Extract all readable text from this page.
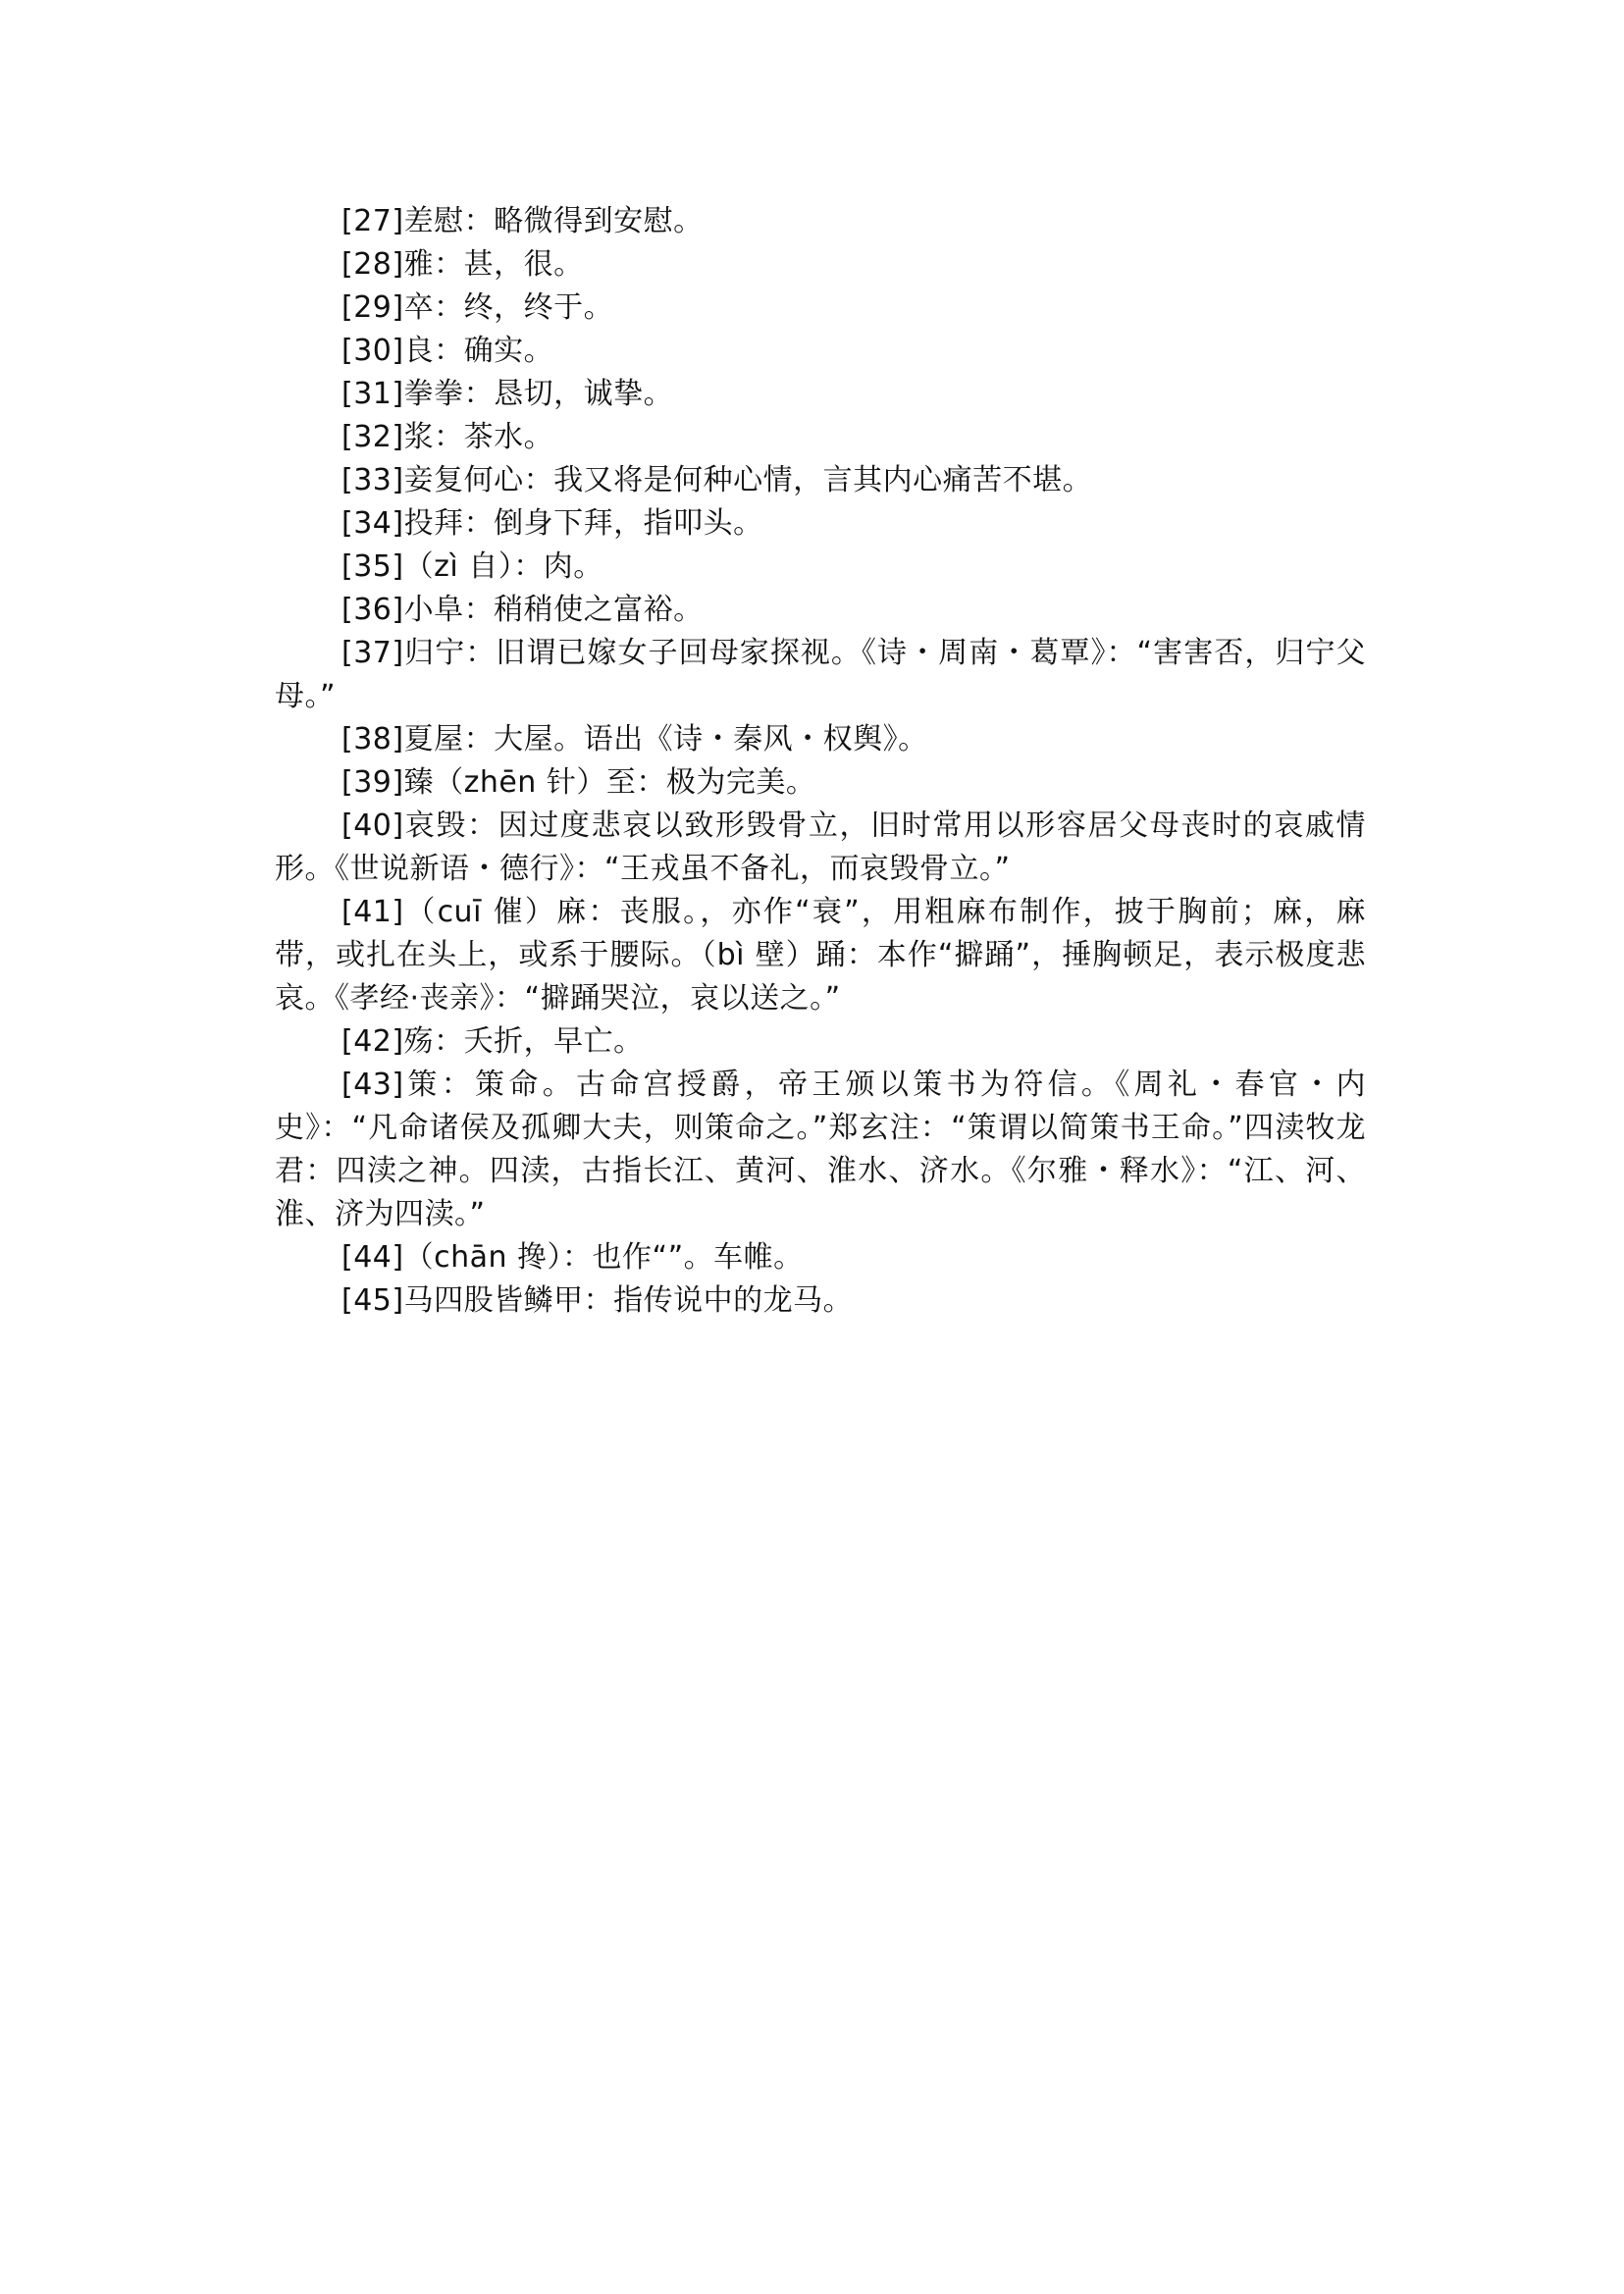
[27]差慰：略微得到安慰。

[28]雅：甚，很。

[29]卒：终，终于。

[30]良：确实。

[31]拳拳：恳切，诚挚。

[32]浆：茶水。

[33]妾复何心：我又将是何种心情，言其内心痛苦不堪。

[34]投拜：倒身下拜，指叩头。

[35]（zì 自）：肉。

[36]小阜：稍稍使之富裕。

[37]归宁：旧谓已嫁女子回母家探视。《诗・周南・葛覃》：“害害否，归宁父母。”

[38]夏屋：大屋。语出《诗・秦风・权舆》。

[39]臻（zhēn 针）至：极为完美。

[40]哀毁：因过度悲哀以致形毁骨立，旧时常用以形容居父母丧时的哀戚情形。《世说新语・德行》：“王戎虽不备礼，而哀毁骨立。”

[41]（cuī 催）麻：丧服。，亦作“衰”，用粗麻布制作，披于胸前；麻，麻带，或扎在头上，或系于腰际。（bì 壁）踊：本作“擗踊”，捶胸顿足，表示极度悲哀。《孝经·丧亲》：“擗踊哭泣，哀以送之。”

[42]殇：夭折，早亡。

[43]策：策命。古命宫授爵，帝王颁以策书为符信。《周礼・春官・内史》：“凡命诸侯及孤卿大夫，则策命之。”郑玄注：“策谓以简策书王命。”四渎牧龙君：四渎之神。四渎，古指长江、黄河、淮水、济水。《尔雅・释水》：“江、河、淮、济为四渎。”

[44]（chān 搀）：也作“”。车帷。

[45]马四股皆鳞甲：指传说中的龙马。
